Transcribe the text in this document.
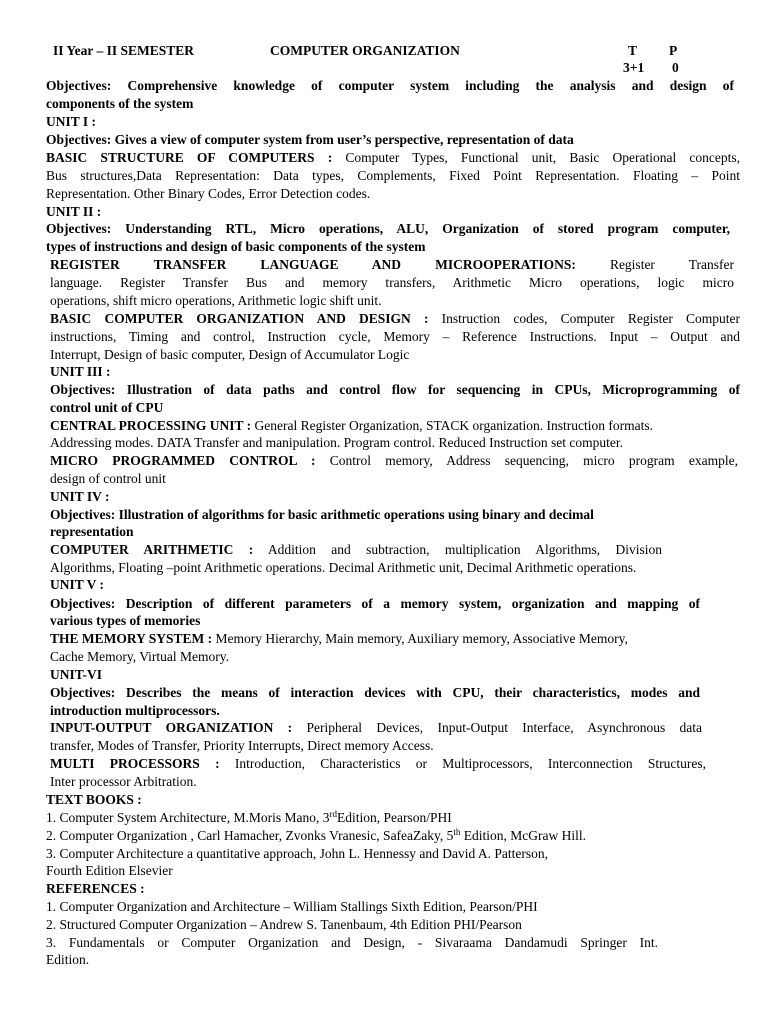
II Year – II SEMESTER	COMPUTER ORGANIZATION	T P
3+1 0
Objectives: Comprehensive knowledge of computer system including the analysis and design of
components of the system
UNIT I :
Objectives: Gives a view of computer system from user’s perspective, representation of data
BASIC STRUCTURE OF COMPUTERS : Computer Types, Functional unit, Basic Operational concepts,
Bus structures,Data Representation: Data types, Complements, Fixed Point Representation. Floating – Point
Representation. Other Binary Codes, Error Detection codes.
UNIT II :
Objectives: Understanding RTL, Micro operations, ALU, Organization of stored program computer,
types of instructions and design of basic components of the system
REGISTER TRANSFER LANGUAGE AND MICROOPERATIONS:	Register Transfer
language. Register Transfer Bus and memory transfers, Arithmetic Micro operations, logic micro
operations, shift micro operations, Arithmetic logic shift unit.
BASIC COMPUTER ORGANIZATION AND DESIGN : Instruction codes, Computer Register Computer
instructions, Timing and control, Instruction cycle, Memory – Reference Instructions. Input – Output and
Interrupt, Design of basic computer, Design of Accumulator Logic
UNIT III :
Objectives: Illustration of data paths and control flow for sequencing in CPUs, Microprogramming of
control unit of CPU
CENTRAL PROCESSING UNIT : General Register Organization, STACK organization. Instruction formats.
Addressing modes. DATA Transfer and manipulation. Program control. Reduced Instruction set computer.
MICRO PROGRAMMED CONTROL : Control memory, Address sequencing, micro program example,
design of control unit
UNIT IV :
Objectives: Illustration of algorithms for basic arithmetic operations using binary and decimal
representation
COMPUTER ARITHMETIC : Addition and subtraction, multiplication Algorithms, Division
Algorithms, Floating –point Arithmetic operations. Decimal Arithmetic unit, Decimal Arithmetic operations.
UNIT V :
Objectives: Description of different parameters of a memory system, organization and mapping of
various types of memories
THE MEMORY SYSTEM : Memory Hierarchy, Main memory, Auxiliary memory, Associative Memory,
Cache Memory, Virtual Memory.
UNIT-VI
Objectives: Describes the means of interaction devices with CPU, their characteristics, modes and
introduction multiprocessors.
INPUT-OUTPUT ORGANIZATION : Peripheral Devices, Input-Output Interface, Asynchronous data
transfer, Modes of Transfer, Priority Interrupts, Direct memory Access.
MULTI PROCESSORS : Introduction, Characteristics or Multiprocessors, Interconnection Structures,
Inter processor Arbitration.
TEXT BOOKS :
1. Computer System Architecture, M.Moris Mano, 3rdEdition, Pearson/PHI
2. Computer Organization , Carl Hamacher, Zvonks Vranesic, SafeaZaky, 5th Edition, McGraw Hill.
3. Computer Architecture a quantitative approach, John L. Hennessy and David A. Patterson,
Fourth Edition Elsevier
REFERENCES :
1. Computer Organization and Architecture – William Stallings Sixth Edition, Pearson/PHI
2. Structured Computer Organization – Andrew S. Tanenbaum, 4th Edition PHI/Pearson
3. Fundamentals or Computer Organization and Design, - Sivaraama Dandamudi Springer Int.
Edition.
